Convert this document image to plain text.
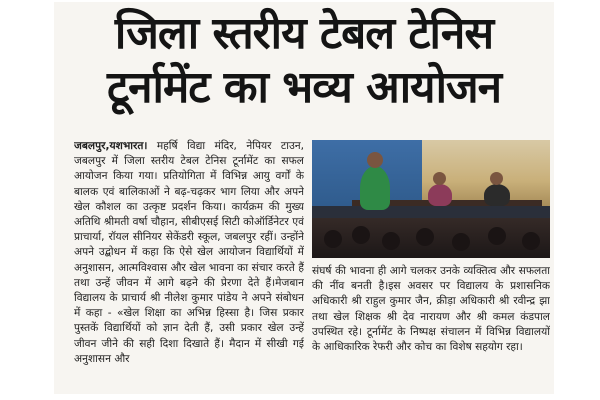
जिला स्तरीय टेबल टेनिस
टूर्नामेंट का भव्य आयोजन
जबलपुर,यशभारत। महर्षि विद्या मंदिर, नेपियर टाउन, जबलपुर में जिला स्तरीय टेबल टेनिस टूर्नामेंट का सफल आयोजन किया गया। प्रतियोगिता में विभिन्न आयु वर्गों के बालक एवं बालिकाओं ने बढ़-चढ़कर भाग लिया और अपने खेल कौशल का उत्कृष्ट प्रदर्शन किया। कार्यक्रम की मुख्य अतिथि श्रीमती वर्षा चौहान, सीबीएसई सिटी कोऑर्डिनेटर एवं प्राचार्या, रॉयल सीनियर सेकेंडरी स्कूल, जबलपुर रहीं। उन्होंने अपने उद्बोधन में कहा कि ऐसे खेल आयोजन विद्यार्थियों में अनुशासन, आत्मविश्वास और खेल भावना का संचार करते हैं तथा उन्हें जीवन में आगे बढ़ने की प्रेरणा देते हैं।मेजबान विद्यालय के प्राचार्य श्री नीलेश कुमार पांडेय ने अपने संबोधन में कहा - «खेल शिक्षा का अभिन्न हिस्सा है। जिस प्रकार पुस्तकें विद्यार्थियों को ज्ञान देती हैं, उसी प्रकार खेल उन्हें जीवन जीने की सही दिशा दिखाते हैं। मैदान में सीखी गई अनुशासन और
संघर्ष की भावना ही आगे चलकर उनके व्यक्तित्व और सफलता की नींव बनती है।इस अवसर पर विद्यालय के प्रशासनिक अधिकारी श्री राहुल कुमार जैन, क्रीड़ा अधिकारी श्री रवीन्द्र झा तथा खेल शिक्षक श्री देव नारायण और श्री कमल कंडपाल उपस्थित रहे। टूर्नामेंट के निष्पक्ष संचालन में विभिन्न विद्यालयों के आधिकारिक रेफरी और कोच का विशेष सहयोग रहा।
